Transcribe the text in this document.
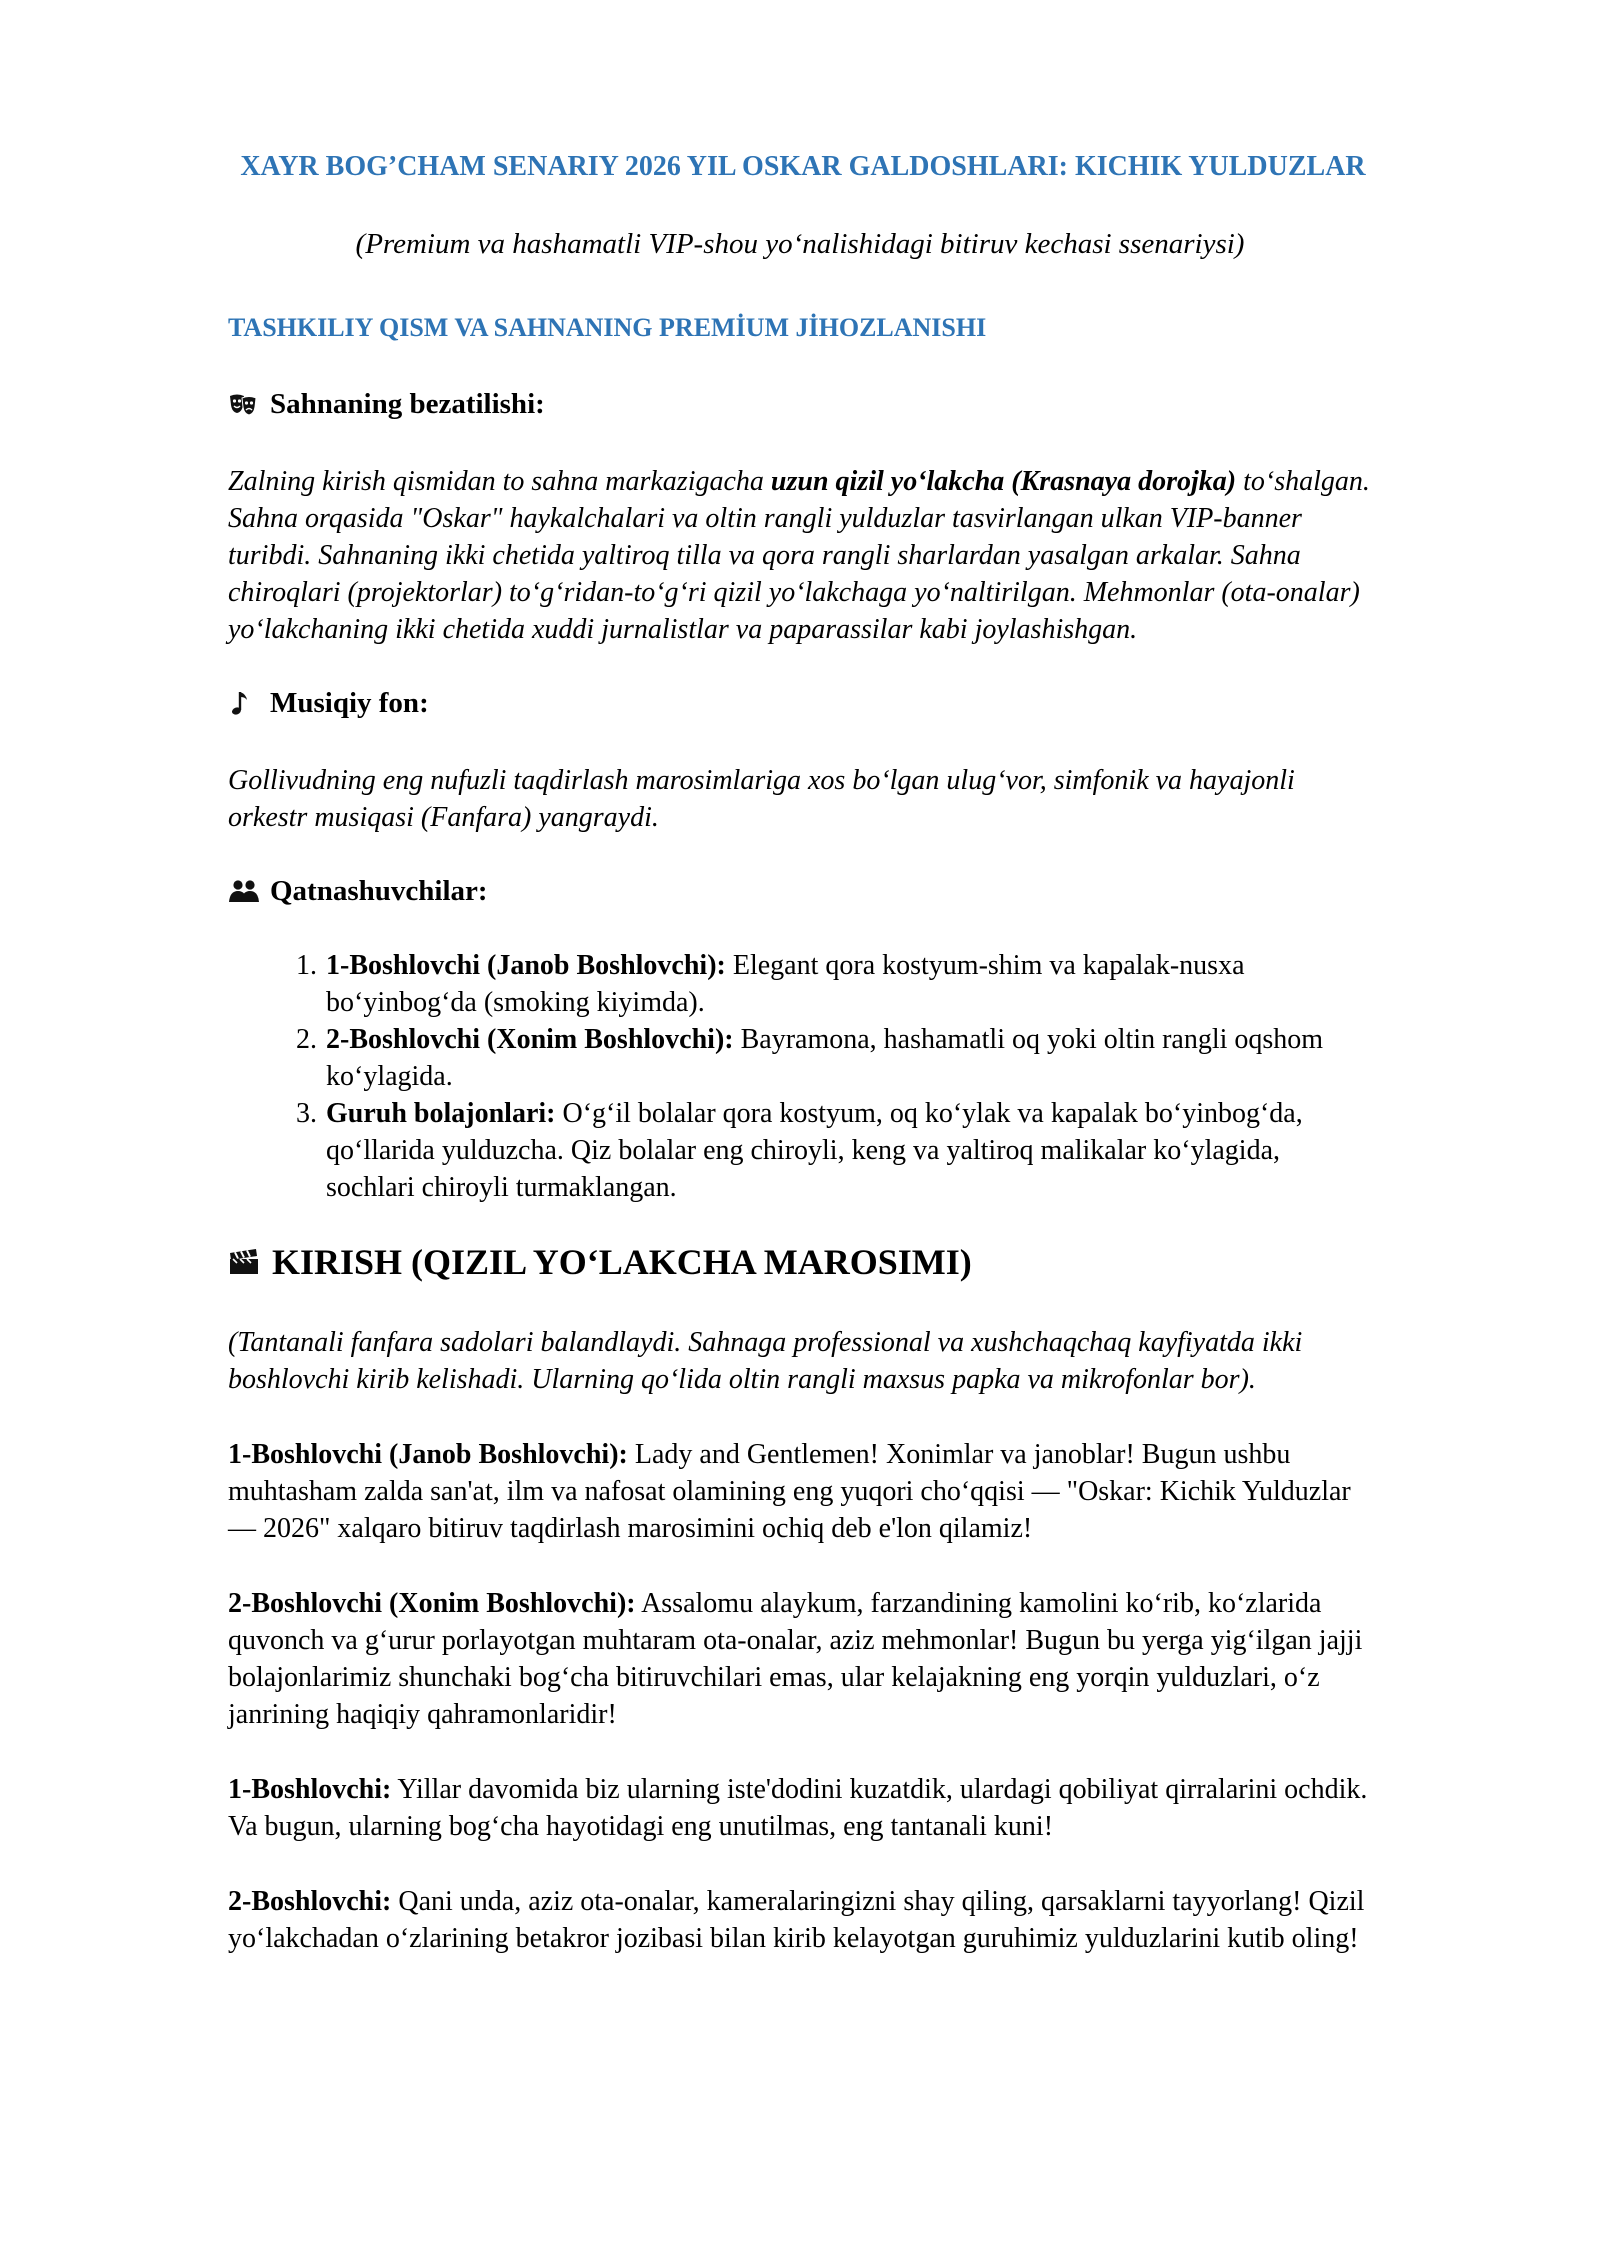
XAYR BOG’CHAM SENARIY 2026 YIL OSKAR GALDOSHLARI: KICHIK YULDUZLAR
(Premium va hashamatli VIP-shou yoʻnalishidagi bitiruv kechasi ssenariysi)
TASHKILIY QISM VA SAHNANING PREMİUM JİHOZLANISHI
Sahnaning bezatilishi:
Zalning kirish qismidan to sahna markazigacha uzun qizil yoʻlakcha (Krasnaya dorojka) toʻshalgan. Sahna orqasida "Oskar" haykalchalari va oltin rangli yulduzlar tasvirlangan ulkan VIP-banner turibdi. Sahnaning ikki chetida yaltiroq tilla va qora rangli sharlardan yasalgan arkalar. Sahna chiroqlari (projektorlar) toʻgʻridan-toʻgʻri qizil yoʻlakchaga yoʻnaltirilgan. Mehmonlar (ota-onalar) yoʻlakchaning ikki chetida xuddi jurnalistlar va paparassilar kabi joylashishgan.
Musiqiy fon:
Gollivudning eng nufuzli taqdirlash marosimlariga xos boʻlgan ulugʻvor, simfonik va hayajonli orkestr musiqasi (Fanfara) yangraydi.
Qatnashuvchilar:
1. 1-Boshlovchi (Janob Boshlovchi): Elegant qora kostyum-shim va kapalak-nusxa boʻyinbogʻda (smoking kiyimda).
2. 2-Boshlovchi (Xonim Boshlovchi): Bayramona, hashamatli oq yoki oltin rangli oqshom koʻylagida.
3. Guruh bolajonlari: Oʻgʻil bolalar qora kostyum, oq koʻylak va kapalak boʻyinbogʻda, qoʻllarida yulduzcha. Qiz bolalar eng chiroyli, keng va yaltiroq malikalar koʻylagida, sochlari chiroyli turmaklangan.
KIRISH (QIZIL YOʻLAKCHA MAROSIMI)
(Tantanali fanfara sadolari balandlaydi. Sahnaga professional va xushchaqchaq kayfiyatda ikki boshlovchi kirib kelishadi. Ularning qoʻlida oltin rangli maxsus papka va mikrofonlar bor).
1-Boshlovchi (Janob Boshlovchi): Lady and Gentlemen! Xonimlar va janoblar! Bugun ushbu muhtasham zalda san'at, ilm va nafosat olamining eng yuqori choʻqqisi — "Oskar: Kichik Yulduzlar — 2026" xalqaro bitiruv taqdirlash marosimini ochiq deb e'lon qilamiz!
2-Boshlovchi (Xonim Boshlovchi): Assalomu alaykum, farzandining kamolini koʻrib, koʻzlarida quvonch va gʻurur porlayotgan muhtaram ota-onalar, aziz mehmonlar! Bugun bu yerga yigʻilgan jajji bolajonlarimiz shunchaki bogʻcha bitiruvchilari emas, ular kelajakning eng yorqin yulduzlari, oʻz janrining haqiqiy qahramonlaridir!
1-Boshlovchi: Yillar davomida biz ularning iste'dodini kuzatdik, ulardagi qobiliyat qirralarini ochdik. Va bugun, ularning bogʻcha hayotidagi eng unutilmas, eng tantanali kuni!
2-Boshlovchi: Qani unda, aziz ota-onalar, kameralaringizni shay qiling, qarsaklarni tayyorlang! Qizil yoʻlakchadan oʻzlarining betakror jozibasi bilan kirib kelayotgan guruhimiz yulduzlarini kutib oling!
